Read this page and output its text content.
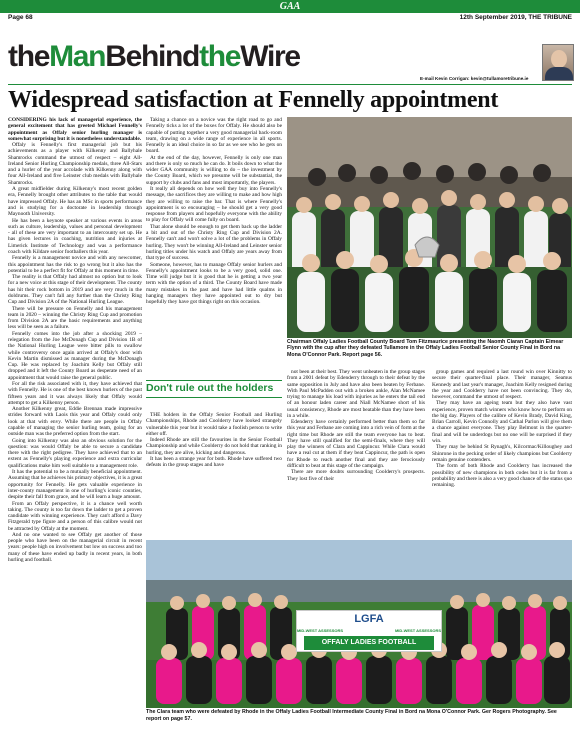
GAA
Page 68	12th September 2019, THE TRIBUNE
theManBehindtheWire
E-mail Kevin Corrigan: kevin@tullamoretribune.ie
Widespread satisfaction at Fennelly appointment

CONSIDERING his lack of managerial experience, the general excitement that has greeted Michael Fennelly's appointment as Offaly senior hurling manager is somewhat surprising but it is nonetheless understandable.

Offaly is Fennelly's first managerial job but his achievements as a player with Kilkenny and Ballyhale Shamrocks command the utmost of respect – eight All-Ireland Senior Hurling Championship medals, three All-Stars and a hurler of the year accolade with Kilkenny along with four All-Ireland and five Leinster club medals with Ballyhale Shamrocks.

A great midfielder during Kilkenny's most recent golden era, Fennelly brought other attributes to the table that would have impressed Offaly. He has an MSc in sports performance and is studying for a doctorate in leadership through Maynooth University.

He has been a keynote speaker at various events in areas such as culture, leadership, values and personal development - all of these are very important to an intercounty set up. He has given lectures in coaching, nutrition and injuries at Limerick Institute of Technology and was a performance coach with Kildare senior footballers this year.

Fennelly is a management novice and with any newcomer, this appointment has the risk to go wrong but it also has the potential to be a perfect fit for Offaly at this moment in time.

The reality is that Offaly had almost no option but to look for a new voice at this stage of their development. The county has hit their rock bottom in 2019 and are very much in the doldrums. They can't fall any further than the Christy Ring Cup and Division 2A of the National Hurling League.

There will be pressure on Fennelly and his management team in 2020 – winning the Christy Ring Cup and promotion from Division 2A are the basic requirements and anything less will be seen as a failure.

Fennelly comes into the job after a shocking 2019 – relegation from the Joe McDonagh Cup and Division 1B of the National Hurling League were bitter pills to swallow while controversy once again arrived at Offaly's door with Kevin Martin dismissed as manager during the McDonagh Cup. He was replaced by Joachim Kelly but Offaly still dropped and it left the County Board as desperate need of an appointment that would raise the general public.

For all the risk associated with it, they have achieved that with Fennelly. He is one of the best known hurlers of the past fifteen years and it was always likely that Offaly would attempt to get a Kilkenny person.

Another Kilkenny great, Eddie Brennan made impressive strides forward with Laois this year and Offaly could only look at that with envy. While there are people in Offaly capable of managing the senior hurling team, going for an outside man was the preferred option from the start.

Going into Kilkenny was also an obvious solution for the question: was would Offaly be able to secure a candidate there with the right pedigree. They have achieved that to an extent as Fennelly's playing experience and extra curricular qualifications make him well suitable to a management role.

It has the potential to be a mutually beneficial appointment. Assuming that he achieves his primary objectives, it is a great opportunity for Fennelly. He gets valuable experience in inter-county management in one of hurling's iconic counties, despite their fall from grace, and he will learn a huge amount.

From an Offaly perspective, it is a chance well worth taking. The county is too far down the ladder to get a proven candidate with winning experience. They can't afford a Davy Fitzgerald type figure and a person of this calibre would not be attracted by Offaly at the moment.

And no one wanted to see Offaly get another of those people who have been on the managerial circuit in recent years: people high on involvement but low on success and too many of these have ended up badly in recent years, in both hurling and football.

Taking a chance on a novice was the right road to go and Fennelly ticks a lot of the boxes for Offaly. He should also be capable of putting together a very good managerial back-room team, drawing on a wide range of experience in all sports. Fennelly is an ideal choice in so far as we see who he gets on board.

At the end of the day, however, Fennelly is only one man and there is only so much he can do. It boils down to what the wider GAA community is willing to do – the investment by the County Board, which we presume will be substantial, the support by clubs and fans and most importantly, the players.

It really all depends on how well they buy into Fennelly's message, the sacrifices they are willing to make and how high they are willing to raise the bar. That is where Fennelly's appointment is so encouraging – he should get a very good response from players and hopefully everyone with the ability to play for Offaly will come fully on board.

That alone should be enough to get them back up the ladder a bit and out of the Christy Ring Cup and Division 2A. Fennelly can't and won't solve a lot of the problems in Offaly hurling. They won't be winning All-Ireland and Leinster senior hurling titles under his watch and Offaly are years away from that type of success.

Someone, however, has to manage Offaly senior hurlers and Fennelly's appointment looks to be a very good, solid one. Time will judge but it is good that he is getting a two year term with the option of a third. The County Board have made many mistakes in the past and have had little qualms in hanging managers they have appointed out to dry but hopefully they have got things right on this occasion.

Don't rule out the holders

THE holders in the Offaly Senior Football and Hurling Championships, Rhode and Coolderry have looked strangely vulnerable this year but it would take a foolish person to write either off.

Indeed Rhode are still the favourites in the Senior Football Championship and while Coolderry do not hold that ranking in hurling, they are alive, kicking and dangerous.

It has been a strange year for both. Rhode have suffered two defeats in the group stages and have

Chairman Offaly Ladies Football County Board Tom Fitzmaurice presenting the Naomh Ciaran Captain Eimear Flynn with the cup after they defeated Tullamore in the Offaly Ladies Football Senior County Final in Bord na Mona O'Connor Park. Report page 56.

not been at their best. They went unbeaten in the group stages from a 2001 defeat by Edenderry through to their defeat by the same opposition in July and have also been beaten by Ferbane. With Paul McPadden out with a broken ankle, Alan McNamee trying to manage his load with injuries as he enters the tail end of an honour laden career and Niall McNamee short of his usual consistency, Rhode are most beatable than they have been in a while.

Edenderry have certainly performed better than them so far this year and Ferbane are coming into a rich vein of form at the right time but Rhode are still the team everyone has to beat. They have still qualified for the semi-finals, where they will play the winners of Clara and Cappincur. While Clara would have a real cut at them if they beat Cappincur, the path is open for Rhode to reach another final and they are ferociously difficult to beat at this stage of the campaign.

There are more doubts surrounding Coolderry's prospects. They lost five of their

group games and required a last round win over Kinnitty to secure their quarter-final place. Their manager, Seamus Kennedy and last year's manager, Joachim Kelly resigned during the year and Coolderry have not been convincing. They do, however, command the utmost of respect.

They may have an ageing team but they also have vast experience, proven match winners who know how to perform on the big day. Players of the calibre of Kevin Brady, David King, Brian Carroll, Kevin Connolly and Cathal Parlon will give them a chance against everyone. They play Belmont in the quarter-final and will be underdogs but no one will be surprised if they win.

They may be behind St Rynagh's, Kilcormac/Killoughey and Shinrone in the pecking order of likely champions but Coolderry remain genuine contenders.

The form of both Rhode and Coolderry has increased the possibility of new champions in both codes but it is far from a probability and there is also a very good chance of the status quo remaining.

LGFA
MID-WEST ASSESSORS	MID-WEST ASSESSORS
OFFALY LADIES FOOTBALL
The Clara team who were defeated by Rhode in the Offaly Ladies Football Intermediate County Final in Bord na Mona O'Connor Park. Ger Rogers Photography. See report on page 57.
